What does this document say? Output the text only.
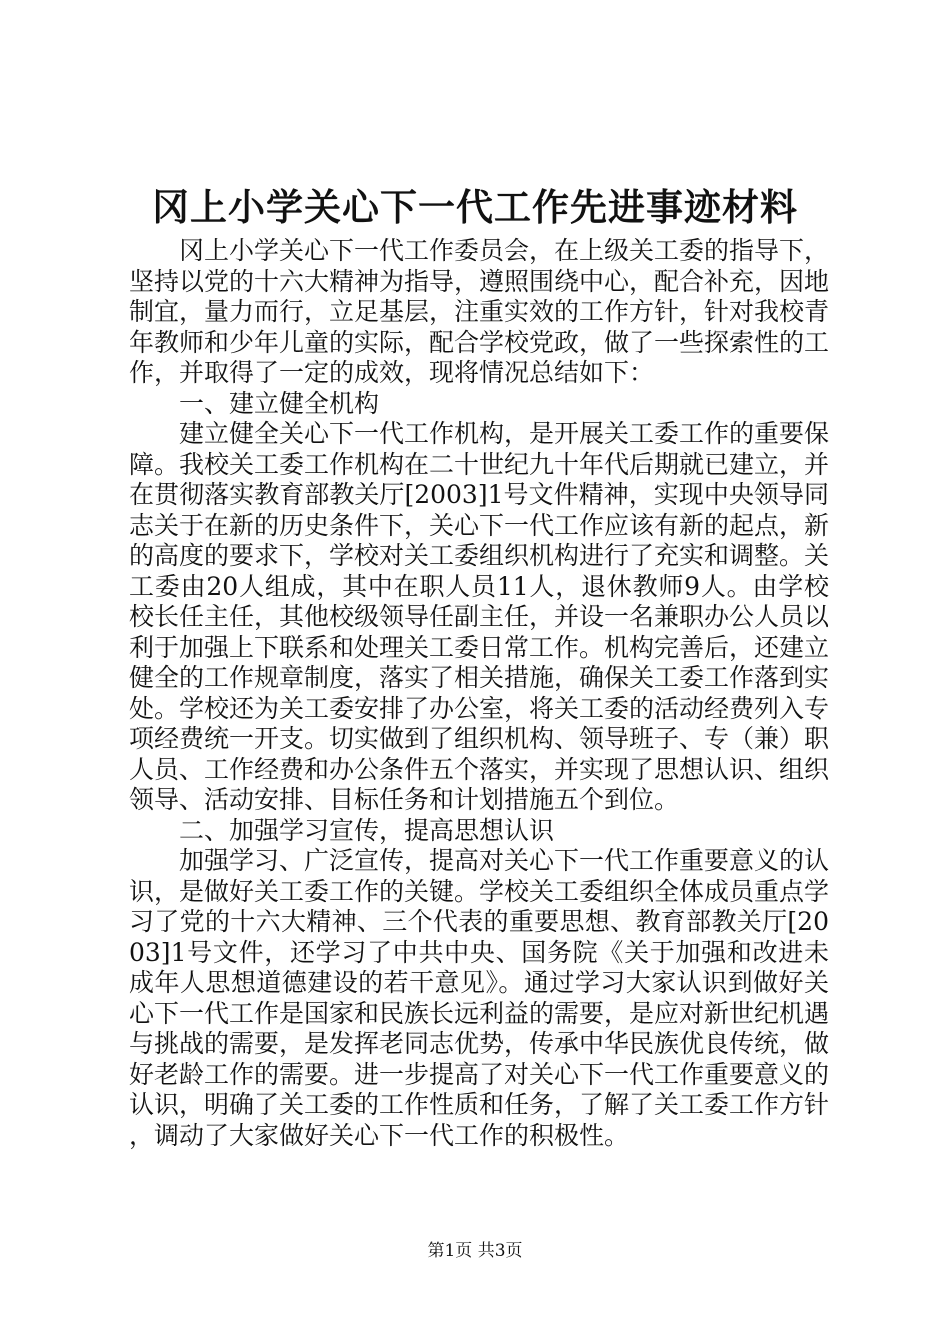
冈上小学关心下一代工作先进事迹材料

冈上小学关心下一代工作委员会，在上级关工委的指导下，坚持以党的十六大精神为指导，遵照围绕中心，配合补充，因地制宜，量力而行，立足基层，注重实效的工作方针，针对我校青年教师和少年儿童的实际，配合学校党政，做了一些探索性的工作，并取得了一定的成效，现将情况总结如下：

一、建立健全机构

建立健全关心下一代工作机构，是开展关工委工作的重要保障。我校关工委工作机构在二十世纪九十年代后期就已建立，并在贯彻落实教育部教关厅[2003]1号文件精神，实现中央领导同志关于在新的历史条件下，关心下一代工作应该有新的起点，新的高度的要求下，学校对关工委组织机构进行了充实和调整。关工委由20人组成，其中在职人员11人，退休教师9人。由学校校长任主任，其他校级领导任副主任，并设一名兼职办公人员以利于加强上下联系和处理关工委日常工作。机构完善后，还建立健全的工作规章制度，落实了相关措施，确保关工委工作落到实处。学校还为关工委安排了办公室，将关工委的活动经费列入专项经费统一开支。切实做到了组织机构、领导班子、专（兼）职人员、工作经费和办公条件五个落实，并实现了思想认识、组织领导、活动安排、目标任务和计划措施五个到位。

二、加强学习宣传，提高思想认识

加强学习、广泛宣传，提高对关心下一代工作重要意义的认识，是做好关工委工作的关键。学校关工委组织全体成员重点学习了党的十六大精神、三个代表的重要思想、教育部教关厅[2003]1号文件，还学习了中共中央、国务院《关于加强和改进未成年人思想道德建设的若干意见》。通过学习大家认识到做好关心下一代工作是国家和民族长远利益的需要，是应对新世纪机遇与挑战的需要，是发挥老同志优势，传承中华民族优良传统，做好老龄工作的需要。进一步提高了对关心下一代工作重要意义的认识，明确了关工委的工作性质和任务，了解了关工委工作方针，调动了大家做好关心下一代工作的积极性。

第1页 共3页
